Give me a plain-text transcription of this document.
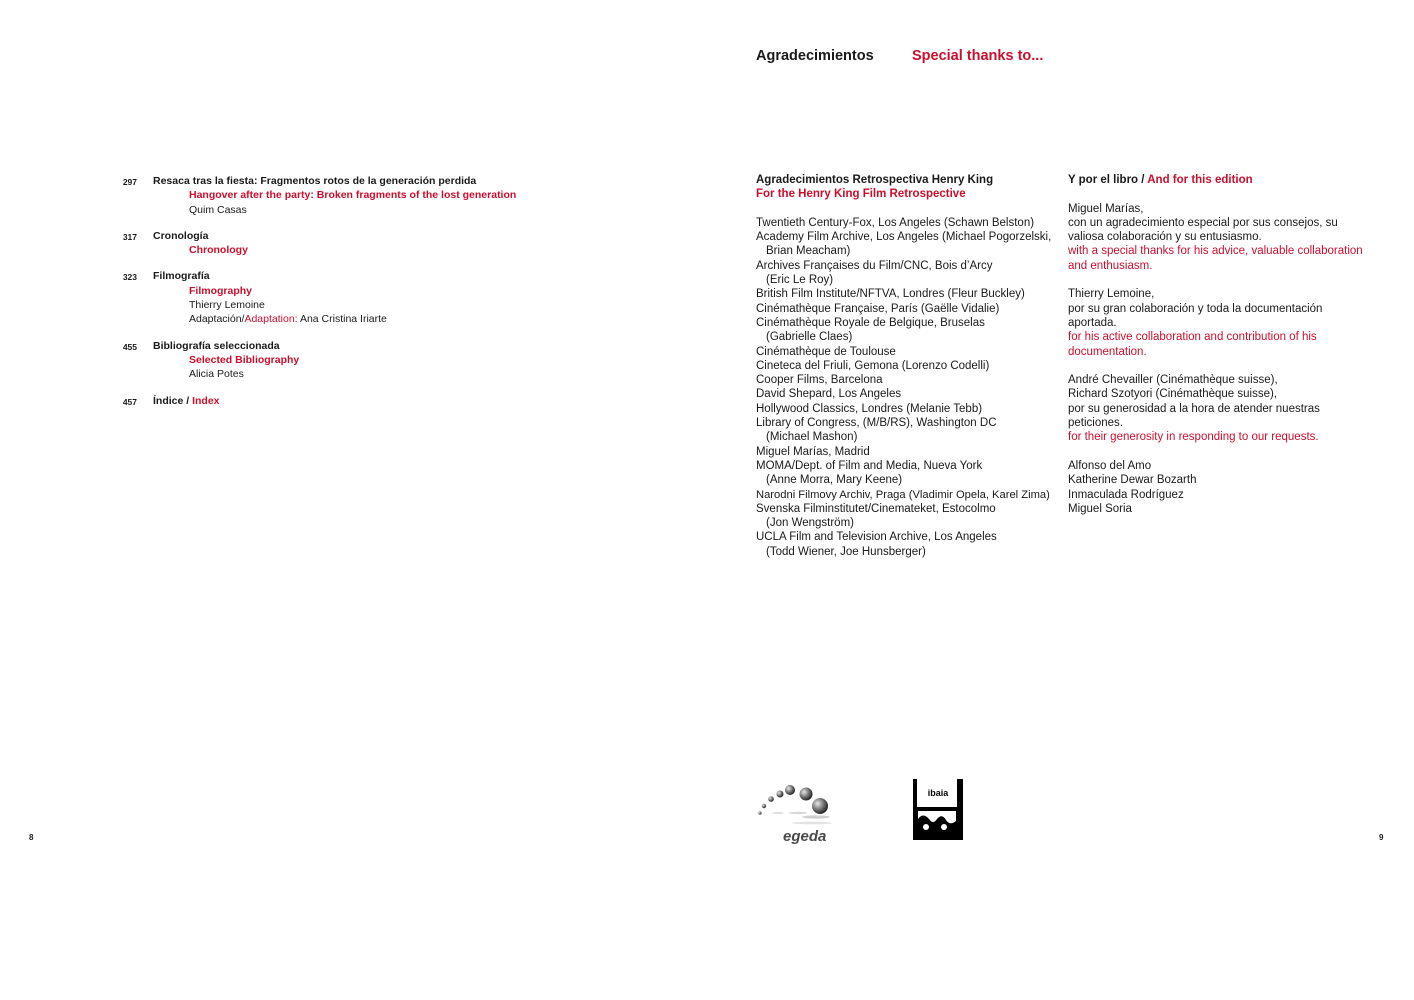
297 Resaca tras la fiesta: Fragmentos rotos de la generación perdida
Hangover after the party: Broken fragments of the lost generation
Quim Casas
317 Cronología
Chronology
323 Filmografía
Filmography
Thierry Lemoine
Adaptación/Adaptation: Ana Cristina Iriarte
455 Bibliografía seleccionada
Selected Bibliography
Alicia Potes
457 Índice / Index
8
Agradecimientos	Special thanks to...

Agradecimientos Retrospectiva Henry King

For the Henry King Film Retrospective

Twentieth Century-Fox, Los Angeles (Schawn Belston)

Academy Film Archive, Los Angeles (Michael Pogorzelski,

Brian Meacham)

Archives Françaises du Film/CNC, Bois d’Arcy

(Eric Le Roy)

British Film Institute/NFTVA, Londres (Fleur Buckley)

Cinémathèque Française, París (Gaëlle Vidalie)

Cinémathèque Royale de Belgique, Bruselas

(Gabrielle Claes)

Cinémathèque de Toulouse

Cineteca del Friuli, Gemona (Lorenzo Codelli)

Cooper Films, Barcelona

David Shepard, Los Angeles

Hollywood Classics, Londres (Melanie Tebb)

Library of Congress, (M/B/RS), Washington DC

(Michael Mashon)

Miguel Marías, Madrid

MOMA/Dept. of Film and Media, Nueva York

(Anne Morra, Mary Keene)

Narodni Filmovy Archiv, Praga (Vladimir Opela, Karel Zima)

Svenska Filminstitutet/Cinemateket, Estocolmo

(Jon Wengström)

UCLA Film and Television Archive, Los Angeles

(Todd Wiener, Joe Hunsberger)

Y por el libro / And for this edition

Miguel Marías,

con un agradecimiento especial por sus consejos, su

valiosa colaboración y su entusiasmo.

with a special thanks for his advice, valuable collaboration

and enthusiasm.

Thierry Lemoine,

por su gran colaboración y toda la documentación

aportada.

for his active collaboration and contribution of his

documentation.

André Chevailler (Cinémathèque suisse),

Richard Szotyori (Cinémathèque suisse),

por su generosidad a la hora de atender nuestras

peticiones.

for their generosity in responding to our requests.

Alfonso del Amo

Katherine Dewar Bozarth

Inmaculada Rodríguez

Miguel Soria

egeda
ibaia
9
